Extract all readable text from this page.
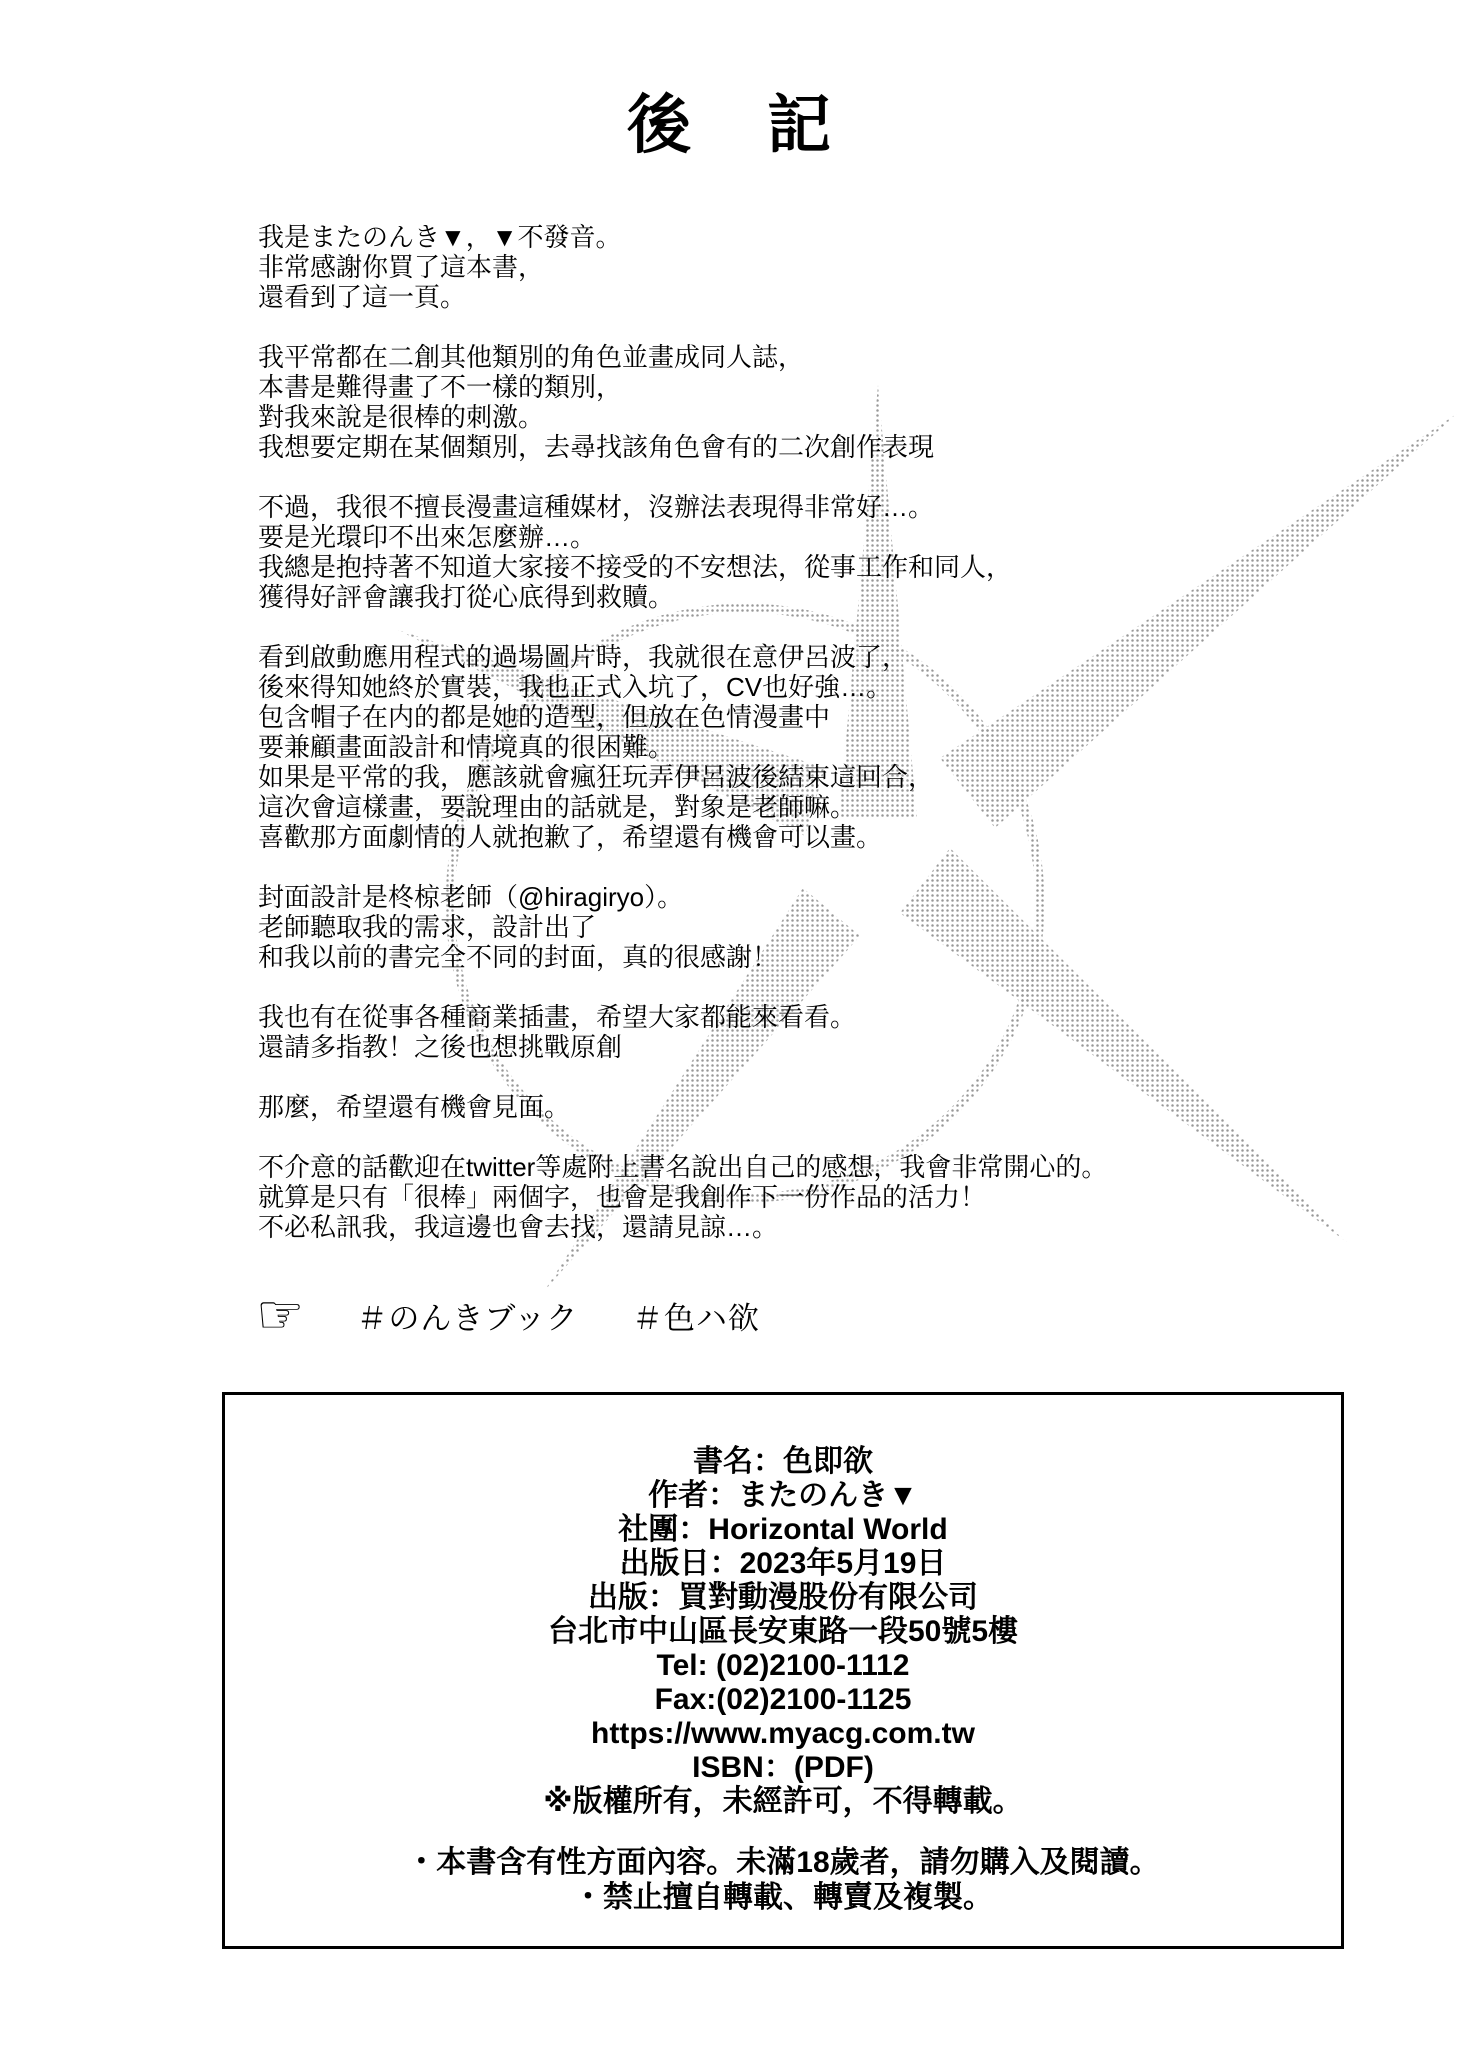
後　記

我是またのんき▼，▼不發音。
非常感謝你買了這本書，
還看到了這一頁。

我平常都在二創其他類別的角色並畫成同人誌，
本書是難得畫了不一樣的類別，
對我來說是很棒的刺激。
我想要定期在某個類別，去尋找該角色會有的二次創作表現

不過，我很不擅長漫畫這種媒材，沒辦法表現得非常好…。
要是光環印不出來怎麼辦…。
我總是抱持著不知道大家接不接受的不安想法，從事工作和同人，
獲得好評會讓我打從心底得到救贖。

看到啟動應用程式的過場圖片時，我就很在意伊呂波了，
後來得知她終於實裝，我也正式入坑了，CV也好強…。
包含帽子在内的都是她的造型，但放在色情漫畫中
要兼顧畫面設計和情境真的很困難。
如果是平常的我，應該就會瘋狂玩弄伊呂波後結束這回合，
這次會這樣畫，要說理由的話就是，對象是老師嘛。
喜歡那方面劇情的人就抱歉了，希望還有機會可以畫。

封面設計是柊椋老師（@hiragiryo）。
老師聽取我的需求，設計出了
和我以前的書完全不同的封面，真的很感謝！

我也有在從事各種商業插畫，希望大家都能來看看。
還請多指教！之後也想挑戰原創

那麼，希望還有機會見面。

不介意的話歡迎在twitter等處附上書名說出自己的感想，我會非常開心的。
就算是只有「很棒」兩個字，也會是我創作下一份作品的活力！
不必私訊我，我這邊也會去找，還請見諒…。

☞ ＃のんきブック ＃色ハ欲
書名：色即欲
作者：またのんき▼
社團：Horizontal World
出版日：2023年5月19日
出版：買對動漫股份有限公司
台北市中山區長安東路一段50號5樓
Tel: (02)2100-1112
Fax:(02)2100-1125
https://www.myacg.com.tw
ISBN：(PDF)
※版權所有，未經許可，不得轉載。
・本書含有性方面內容。未滿18歲者，請勿購入及閱讀。
・禁止擅自轉載、轉賣及複製。
